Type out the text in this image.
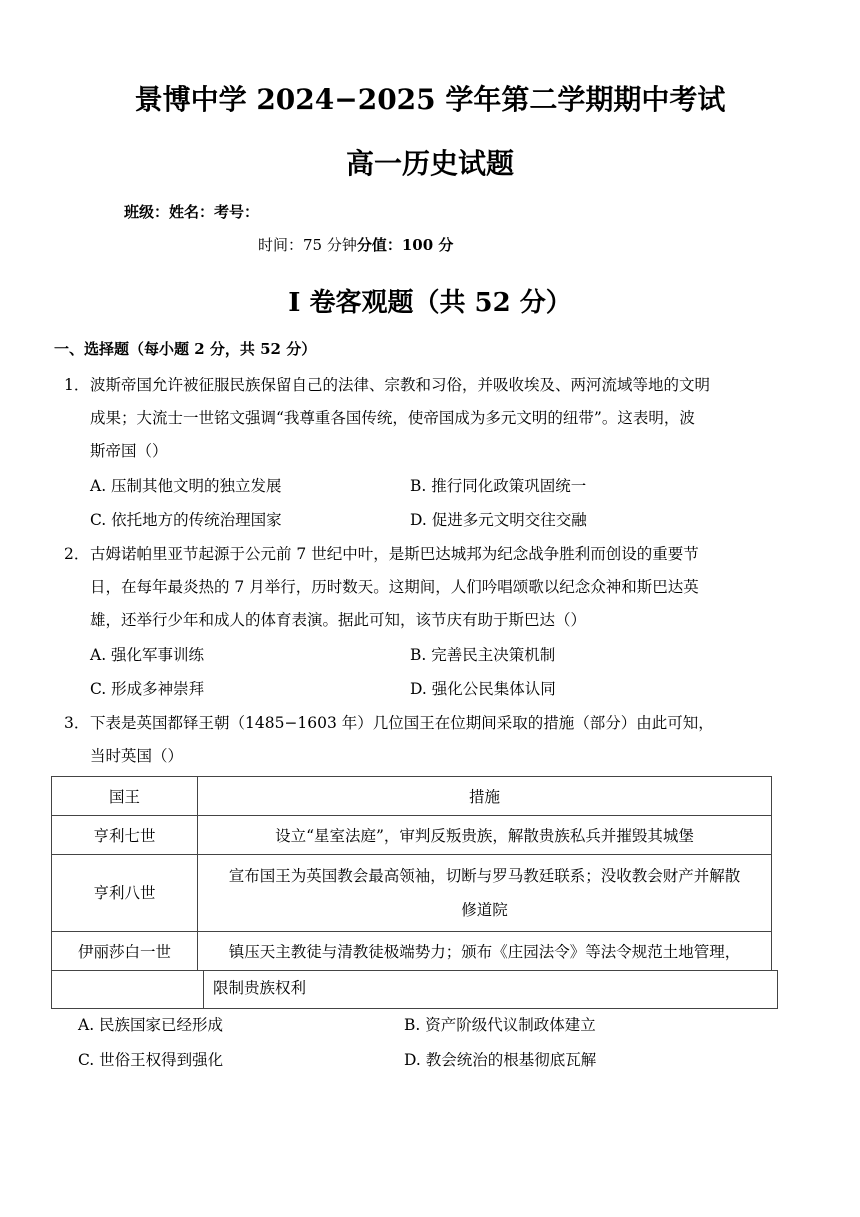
景博中学 2024−2025 学年第二学期期中考试
高一历史试题
班级：姓名：考号：
时间：75 分钟分值：100 分
I 卷客观题（共 52 分）
一、选择题（每小题 2 分，共 52 分）
1． 波斯帝国允许被征服民族保留自己的法律、宗教和习俗，并吸收埃及、两河流域等地的文明
成果；大流士一世铭文强调“我尊重各国传统，使帝国成为多元文明的纽带”。这表明，波
斯帝国（）
A. 压制其他文明的独立发展	B. 推行同化政策巩固统一
C. 依托地方的传统治理国家	D. 促进多元文明交往交融
2． 古姆诺帕里亚节起源于公元前 7 世纪中叶，是斯巴达城邦为纪念战争胜利而创设的重要节
日，在每年最炎热的 7 月举行，历时数天。这期间，人们吟唱颂歌以纪念众神和斯巴达英
雄，还举行少年和成人的体育表演。据此可知，该节庆有助于斯巴达（）
A. 强化军事训练	B. 完善民主决策机制
C. 形成多神崇拜	D. 强化公民集体认同
3． 下表是英国都铎王朝（1485−1603 年）几位国王在位期间采取的措施（部分）由此可知，
当时英国（）
国王	措施
亨利七世	设立“星室法庭”，审判反叛贵族，解散贵族私兵并摧毁其城堡
亨利八世	宣布国王为英国教会最高领袖，切断与罗马教廷联系；没收教会财产并解散
修道院

伊丽莎白一世	镇压天主教徒与清教徒极端势力；颁布《庄园法令》等法令规范土地管理，
限制贵族权利
A. 民族国家已经形成	B. 资产阶级代议制政体建立
C. 世俗王权得到强化	D. 教会统治的根基彻底瓦解
